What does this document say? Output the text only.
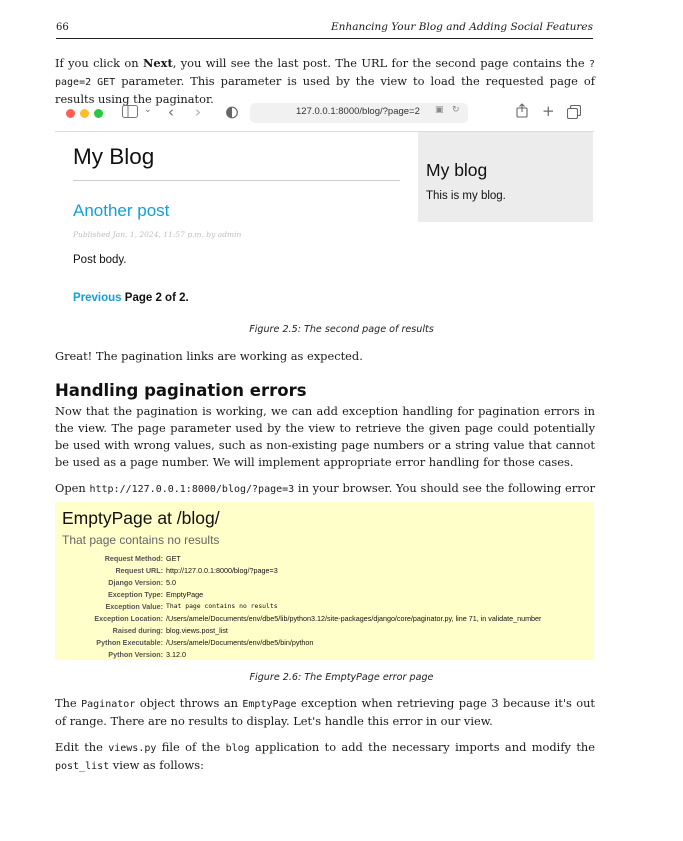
66	Enhancing Your Blog and Adding Social Features
If you click on Next, you will see the last post. The URL for the second page contains the ?page=2 GET parameter. This parameter is used by the view to load the requested page of results using the paginator.
⌄ ‹ ›	127.0.0.1:8000/blog/?page=2 ▣ ↻	+
My Blog
Another post
Published Jan. 1, 2024, 11:57 p.m. by admin
Post body.
Previous Page 2 of 2.
My blog
This is my blog.
Figure 2.5: The second page of results
Great! The pagination links are working as expected.
Handling pagination errors
Now that the pagination is working, we can add exception handling for pagination errors in the view. The page parameter used by the view to retrieve the given page could potentially be used with wrong values, such as non-existing page numbers or a string value that cannot be used as a page number. We will implement appropriate error handling for those cases.
Open http://127.0.0.1:8000/blog/?page=3 in your browser. You should see the following error
EmptyPage at /blog/
That page contains no results
Request Method: GET
Request URL: http://127.0.0.1:8000/blog/?page=3
Django Version: 5.0
Exception Type: EmptyPage
Exception Value: That page contains no results
Exception Location: /Users/amele/Documents/env/dbe5/lib/python3.12/site-packages/django/core/paginator.py, line 71, in validate_number
Raised during: blog.views.post_list
Python Executable: /Users/amele/Documents/env/dbe5/bin/python
Python Version: 3.12.0
Figure 2.6: The EmptyPage error page
The Paginator object throws an EmptyPage exception when retrieving page 3 because it's out of range. There are no results to display. Let's handle this error in our view.
Edit the views.py file of the blog application to add the necessary imports and modify the post_list view as follows:
